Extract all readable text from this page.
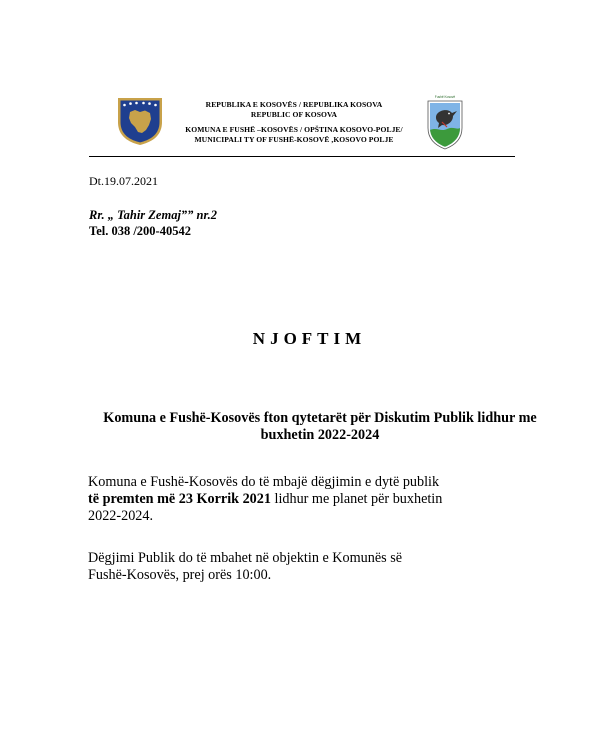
REPUBLIKA E KOSOVËS / REPUBLIKA KOSOVA
REPUBLIC OF KOSOVA
KOMUNA E FUSHË –KOSOVËS / OPŠTINA KOSOVO-POLJE/
MUNICIPALI TY OF FUSHË-KOSOVË ,KOSOVO POLJE
Fushë Kosovë
Dt.19.07.2021
Rr. „ Tahir Zemaj”” nr.2
Tel. 038 /200-40542
NJOFTIM
Komuna e Fushë-Kosovës fton qytetarët për Diskutim Publik lidhur me
buxhetin 2022-2024
Komuna e Fushë-Kosovës do të mbajë dëgjimin e dytë publik
të premten më 23 Korrik 2021 lidhur me planet për buxhetin
2022-2024.
Dëgjimi Publik do të mbahet në objektin e Komunës së
Fushë-Kosovës, prej orës 10:00.
